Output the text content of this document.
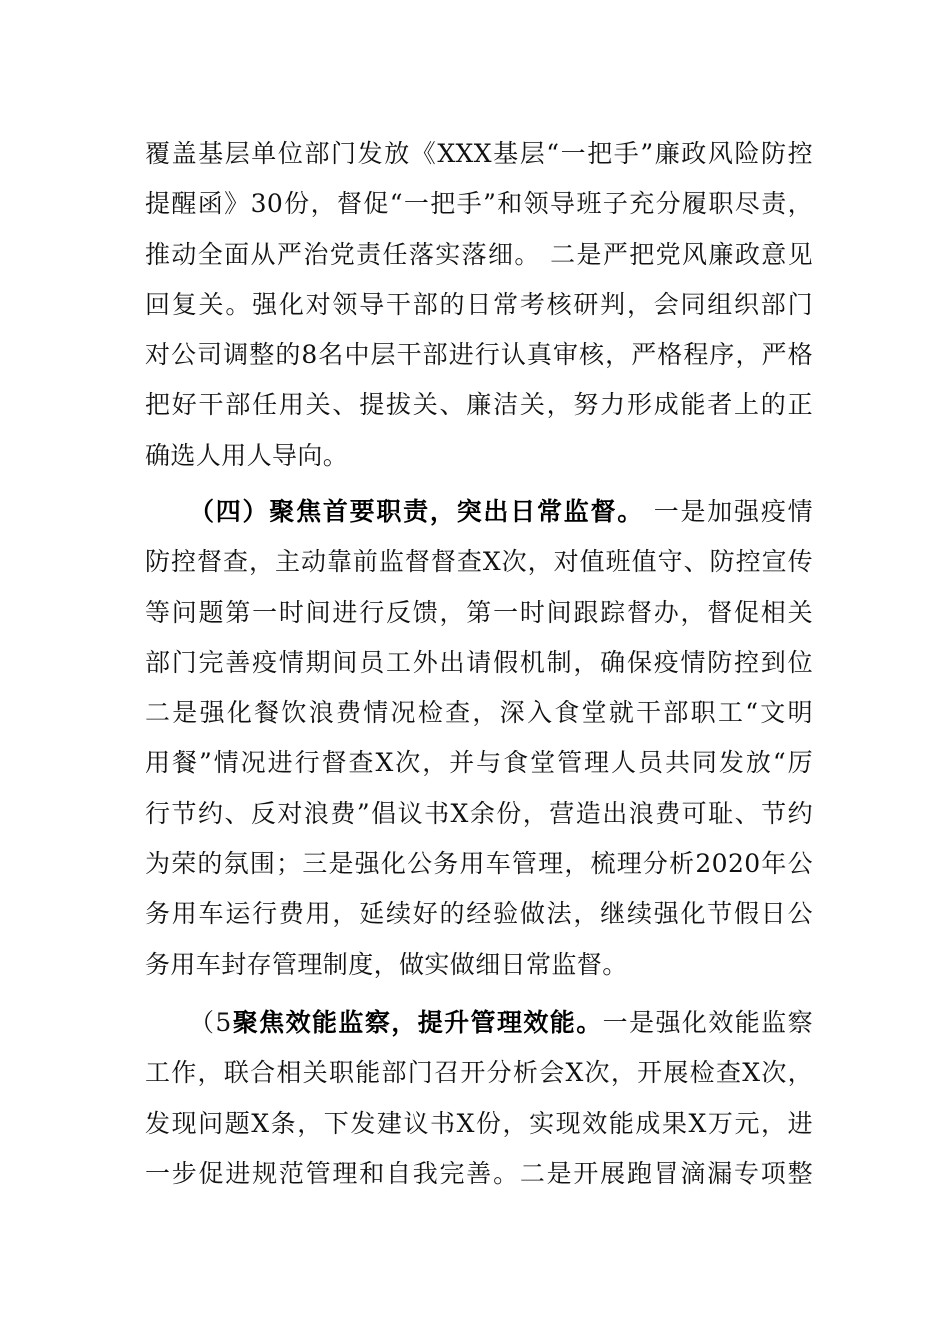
覆盖基层单位部门发放《XXX基层“一把手”廉政风险防控
提醒函》30份，督促“一把手”和领导班子充分履职尽责，
推动全面从严治党责任落实落细。 二是严把党风廉政意见
回复关。强化对领导干部的日常考核研判，会同组织部门
对公司调整的8名中层干部进行认真审核，严格程序，严格
把好干部任用关、提拔关、廉洁关，努力形成能者上的正
确选人用人导向。
（四）聚焦首要职责，突出日常监督。 一是加强疫情
防控督查，主动靠前监督督查X次，对值班值守、防控宣传
等问题第一时间进行反馈，第一时间跟踪督办，督促相关
部门完善疫情期间员工外出请假机制，确保疫情防控到位
二是强化餐饮浪费情况检查，深入食堂就干部职工“文明
用餐”情况进行督查X次，并与食堂管理人员共同发放“厉
行节约、反对浪费”倡议书X余份，营造出浪费可耻、节约
为荣的氛围；三是强化公务用车管理，梳理分析2020年公
务用车运行费用，延续好的经验做法，继续强化节假日公
务用车封存管理制度，做实做细日常监督。
（5聚焦效能监察，提升管理效能。一是强化效能监察
工作，联合相关职能部门召开分析会X次，开展检查X次，
发现问题X条，下发建议书X份，实现效能成果X万元，进
一步促进规范管理和自我完善。二是开展跑冒滴漏专项整
